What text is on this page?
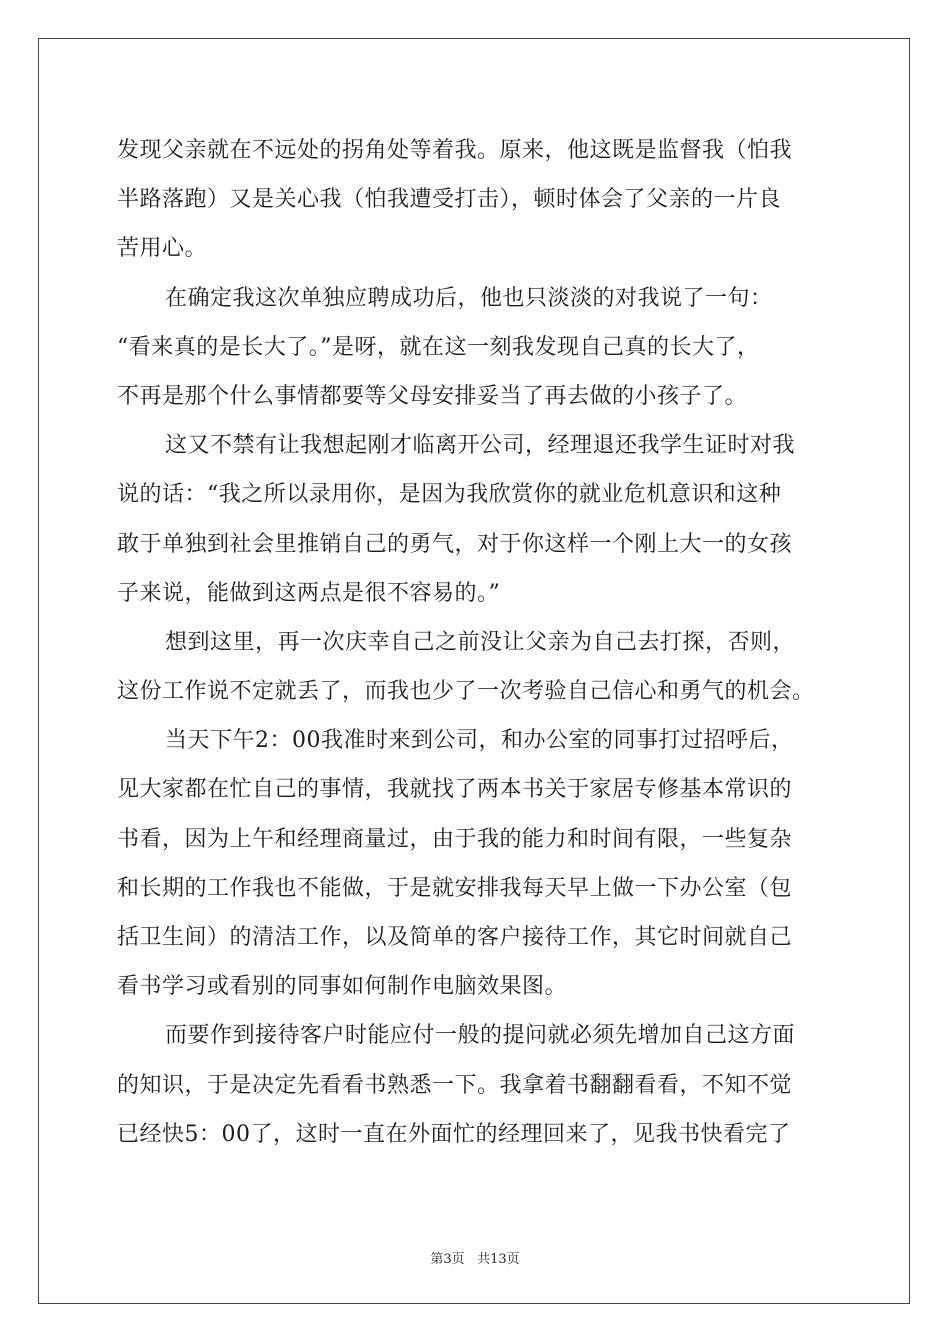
发现父亲就在不远处的拐角处等着我。原来，他这既是监督我（怕我
半路落跑）又是关心我（怕我遭受打击），顿时体会了父亲的一片良
苦用心。
在确定我这次单独应聘成功后，他也只淡淡的对我说了一句：
“看来真的是长大了。”是呀，就在这一刻我发现自己真的长大了，
不再是那个什么事情都要等父母安排妥当了再去做的小孩子了。
这又不禁有让我想起刚才临离开公司，经理退还我学生证时对我
说的话：“我之所以录用你，是因为我欣赏你的就业危机意识和这种
敢于单独到社会里推销自己的勇气，对于你这样一个刚上大一的女孩
子来说，能做到这两点是很不容易的。”
想到这里，再一次庆幸自己之前没让父亲为自己去打探，否则，
这份工作说不定就丢了，而我也少了一次考验自己信心和勇气的机会。
当天下午2：00我准时来到公司，和办公室的同事打过招呼后，
见大家都在忙自己的事情，我就找了两本书关于家居专修基本常识的
书看，因为上午和经理商量过，由于我的能力和时间有限，一些复杂
和长期的工作我也不能做，于是就安排我每天早上做一下办公室（包
括卫生间）的清洁工作，以及简单的客户接待工作，其它时间就自己
看书学习或看别的同事如何制作电脑效果图。
而要作到接待客户时能应付一般的提问就必须先增加自己这方面
的知识，于是决定先看看书熟悉一下。我拿着书翻翻看看，不知不觉
已经快5：00了，这时一直在外面忙的经理回来了，见我书快看完了
第3页 共13页
